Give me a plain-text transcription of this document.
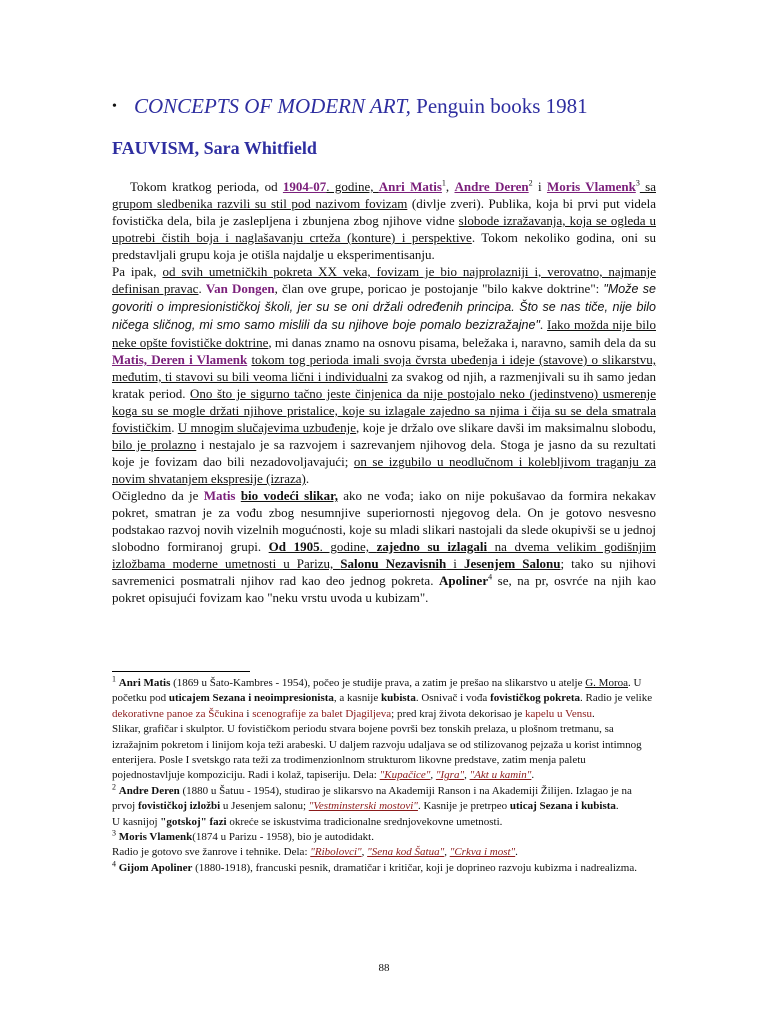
• CONCEPTS OF MODERN ART, Penguin books 1981
FAUVISM, Sara Whitfield

Tokom kratkog perioda, od 1904-07. godine, Anri Matis$^1$, Andre Deren$^2$ i Moris Vlamenk$^3$ sa grupom sledbenika razvili su stil pod nazivom fovizam (divlje zveri). Publika, koja bi prvi put videla fovistička dela, bila je zaslepljena i zbunjena zbog njihove vidne slobode izražavanja, koja se ogleda u upotrebi čistih boja i naglašavanju crteža (konture) i perspektive. Tokom nekoliko godina, oni su predstavljali grupu koja je otišla najdalje u eksperimentisanju.

Pa ipak, od svih umetničkih pokreta XX veka, fovizam je bio najprolazniji i, verovatno, najmanje definisan pravac. Van Dongen, član ove grupe, poricao je postojanje "bilo kakve doktrine": "Može se govoriti o impresionističkoj školi, jer su se oni držali određenih principa. Što se nas tiče, nije bilo ničega sličnog, mi smo samo mislili da su njihove boje pomalo bezizražajne". Iako možda nije bilo neke opšte fovističke doktrine, mi danas znamo na osnovu pisama, beležaka i, naravno, samih dela da su Matis, Deren i Vlamenk tokom tog perioda imali svoja čvrsta ubeđenja i ideje (stavove) o slikarstvu, međutim, ti stavovi su bili veoma lični i individualni za svakog od njih, a razmenjivali su ih samo jedan kratak period. Ono što je sigurno tačno jeste činjenica da nije postojalo neko (jedinstveno) usmerenje koga su se mogle držati njihove pristalice, koje su izlagale zajedno sa njima i čija su se dela smatrala fovističkim. U mnogim slučajevima uzbuđenje, koje je držalo ove slikare davši im maksimalnu slobodu, bilo je prolazno i nestajalo je sa razvojem i sazrevanjem njihovog dela. Stoga je jasno da su rezultati koje je fovizam dao bili nezadovoljavajući; on se izgubilo u neodlučnom i kolebljivom traganju za novim shvatanjem ekspresije (izraza).

Očigledno da je Matis bio vodeći slikar, ako ne vođa; iako on nije pokušavao da formira nekakav pokret, smatran je za vođu zbog nesumnjive superiornosti njegovog dela. On je gotovo nesvesno podstakao razvoj novih vizelnih mogućnosti, koje su mladi slikari nastojali da slede okupivši se u jednoj slobodno formiranoj grupi. Od 1905. godine, zajedno su izlagali na dvema velikim godišnjim izložbama moderne umetnosti u Parizu, Salonu Nezavisnih i Jesenjem Salonu; tako su njihovi savremenici posmatrali njihov rad kao deo jednog pokreta. Apoliner$^4$ se, na pr, osvrće na njih kao pokret opisujući fovizam kao "neku vrstu uvoda u kubizam".

$^1$ Anri Matis (1869 u Šato-Kambres - 1954), počeo je studije prava, a zatim je prešao na slikarstvo u atelje G. Moroa. U početku pod uticajem Sezana i neoimpresionista, a kasnije kubista. Osnivač i vođa fovističkog pokreta. Radio je velike dekorativne panoe za Ščukina i scenografije za balet Djagiljeva; pred kraj života dekorisao je kapelu u Vensu.

Slikar, grafičar i skulptor. U fovističkom periodu stvara bojene površi bez tonskih prelaza, u plošnom tretmanu, sa izražajnim pokretom i linijom koja teži arabeski. U daljem razvoju udaljava se od stilizovanog pejzaža u korist intimnog enterijera. Posle I svetskgo rata teži za trodimenzionlnom strukturom likovne predstave, zatim menja paletu pojednostavljuje kompoziciju. Radi i kolaž, tapiseriju. Dela: "Kupačice", "Igra", "Akt u kamin".

$^2$ Andre Deren (1880 u Šatuu - 1954), studirao je slikarsvo na Akademiji Ranson i na Akademiji Žilijen. Izlagao je na prvoj fovističkoj izložbi u Jesenjem salonu; "Vestminsterski mostovi". Kasnije je pretrpeo uticaj Sezana i kubista.

U kasnijoj "gotskoj" fazi okreće se iskustvima tradicionalne srednjovekovne umetnosti.

$^3$ Moris Vlamenk(1874 u Parizu - 1958), bio je autodidakt.

Radio je gotovo sve žanrove i tehnike. Dela: "Ribolovci", "Sena kod Šatua", "Crkva i most".

$^4$ Gijom Apoliner (1880-1918), francuski pesnik, dramatičar i kritičar, koji je doprineo razvoju kubizma i nadrealizma.

88
